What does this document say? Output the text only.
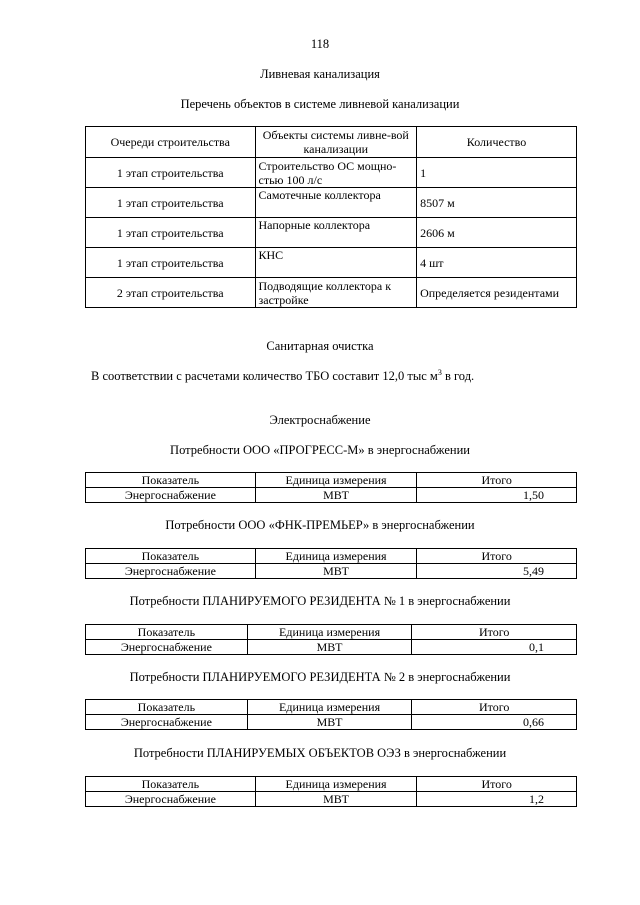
118
Ливневая канализация
Перечень объектов в системе ливневой канализации
Очереди строительства	Объекты системы ливне-вой канализации	Количество
1 этап строительства	Строительство ОС мощно-стью 100 л/с	1
1 этап строительства	Самотечные коллектора	8507 м
1 этап строительства	Напорные коллектора	2606 м
1 этап строительства	КНС	4 шт
2 этап строительства	Подводящие коллектора к застройке	Определяется резидентами
Санитарная очистка
В соответствии с расчетами количество ТБО составит 12,0 тыс $м^3$ в год.
Электроснабжение
Потребности ООО «ПРОГРЕСС-М» в энергоснабжении
Показатель	Единица измерения	Итого
Энергоснабжение	МВТ	1,50
Потребности ООО «ФНК-ПРЕМЬЕР» в энергоснабжении
Показатель	Единица измерения	Итого
Энергоснабжение	МВТ	5,49
Потребности ПЛАНИРУЕМОГО РЕЗИДЕНТА № 1 в энергоснабжении
Показатель	Единица измерения	Итого
Энергоснабжение	МВТ	0,1
Потребности ПЛАНИРУЕМОГО РЕЗИДЕНТА № 2 в энергоснабжении
Показатель	Единица измерения	Итого
Энергоснабжение	МВТ	0,66
Потребности ПЛАНИРУЕМЫХ ОБЪЕКТОВ ОЭЗ в энергоснабжении
Показатель	Единица измерения	Итого
Энергоснабжение	МВТ	1,2
